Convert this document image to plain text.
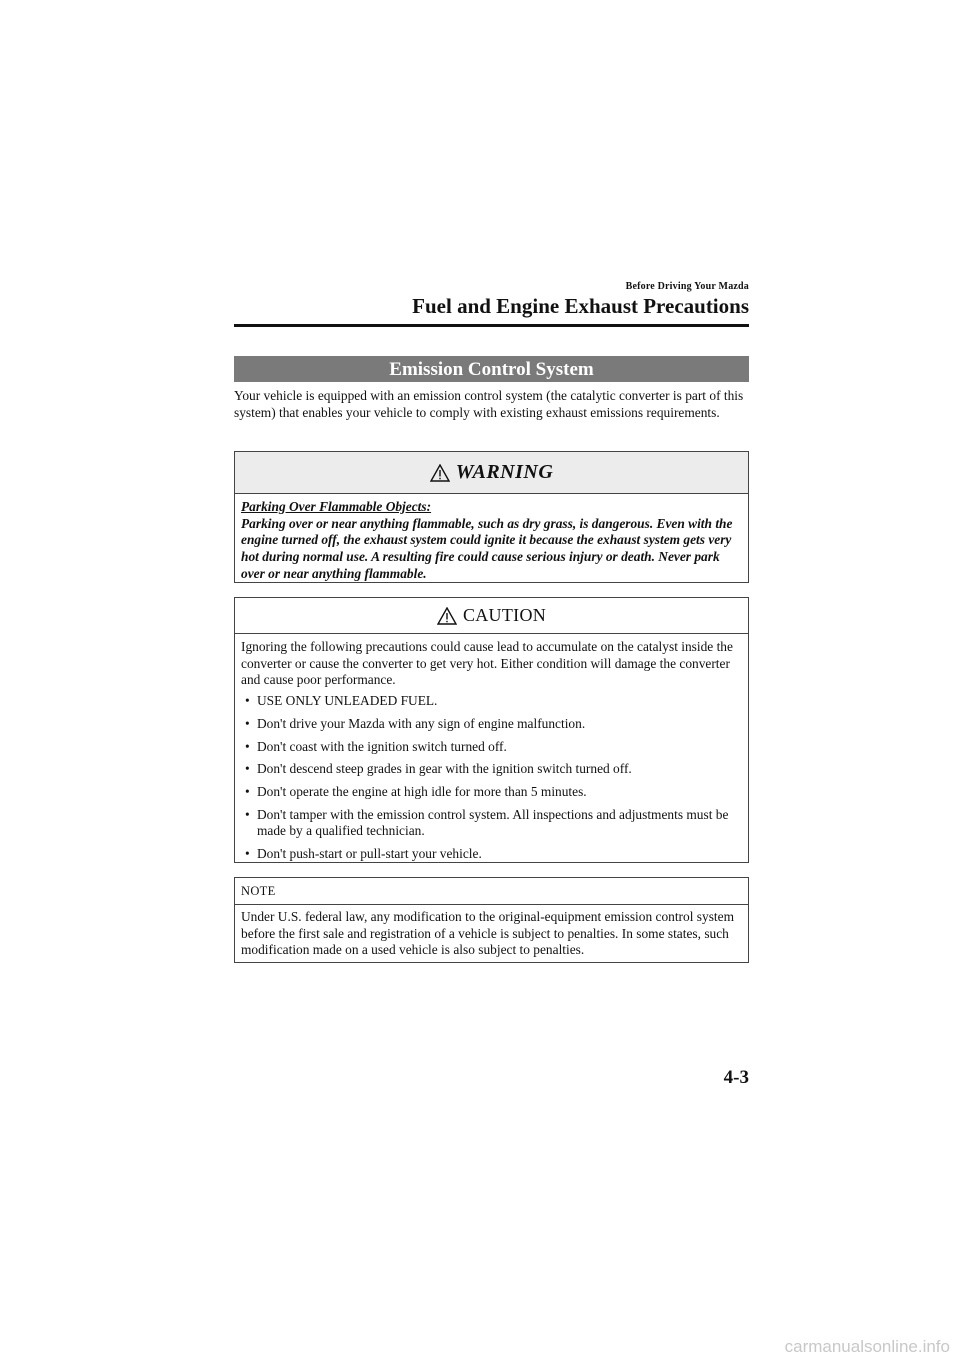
Before Driving Your Mazda
Fuel and Engine Exhaust Precautions
Emission Control System
Your vehicle is equipped with an emission control system (the catalytic converter is part of this system) that enables your vehicle to comply with existing exhaust emissions requirements.
WARNING
Parking Over Flammable Objects:
Parking over or near anything flammable, such as dry grass, is dangerous. Even with the engine turned off, the exhaust system could ignite it because the exhaust system gets very hot during normal use. A resulting fire could cause serious injury or death. Never park over or near anything flammable.
CAUTION
Ignoring the following precautions could cause lead to accumulate on the catalyst inside the converter or cause the converter to get very hot. Either condition will damage the converter and cause poor performance.
• USE ONLY UNLEADED FUEL.
• Don't drive your Mazda with any sign of engine malfunction.
• Don't coast with the ignition switch turned off.
• Don't descend steep grades in gear with the ignition switch turned off.
• Don't operate the engine at high idle for more than 5 minutes.
• Don't tamper with the emission control system. All inspections and adjustments must be made by a qualified technician.
• Don't push-start or pull-start your vehicle.
NOTE
Under U.S. federal law, any modification to the original-equipment emission control system before the first sale and registration of a vehicle is subject to penalties. In some states, such modification made on a used vehicle is also subject to penalties.
4-3
carmanualsonline.info
